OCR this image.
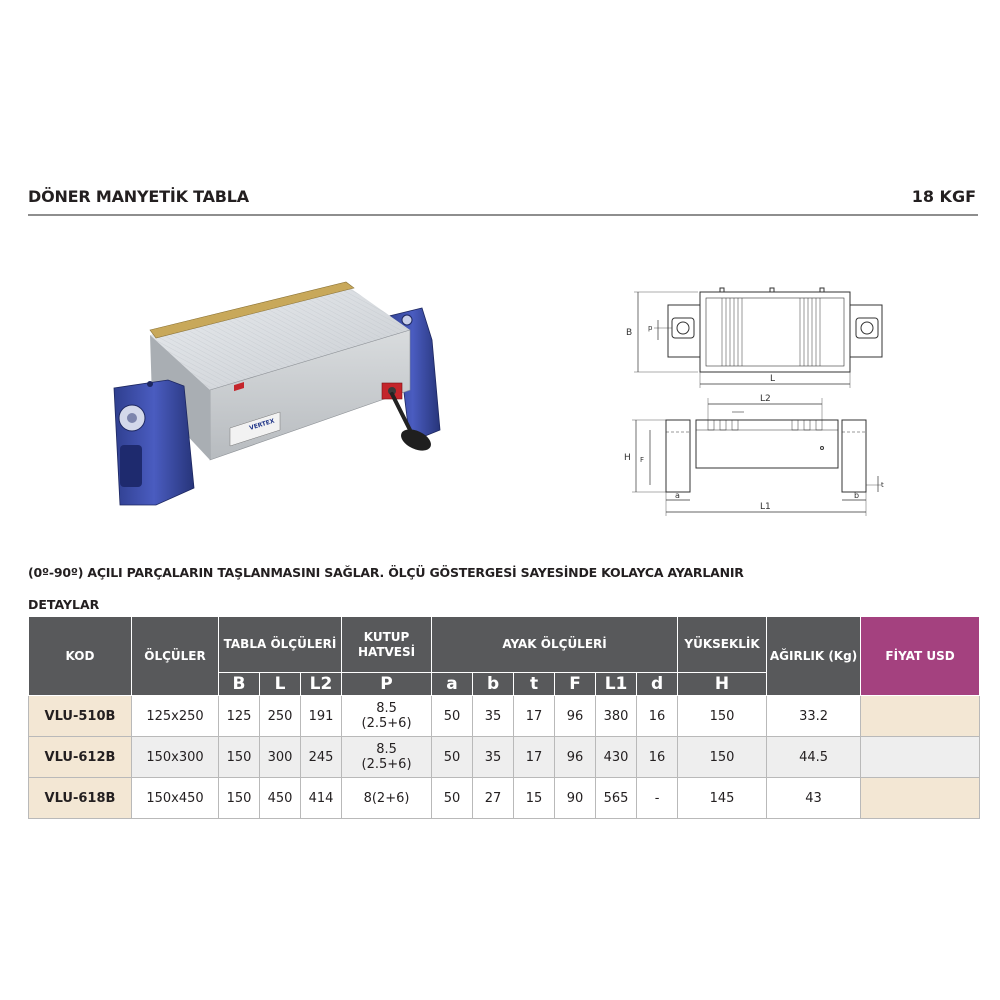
DÖNER MANYETİK TABLA	18 KGF
VERTEX
B p
L
L2
H F
a	b
t
L1
(0º-90º) AÇILI PARÇALARIN TAŞLANMASINI SAĞLAR. ÖLÇÜ GÖSTERGESİ SAYESİNDE KOLAYCA AYARLANIR
DETAYLAR
KOD	ÖLÇÜLER	TABLA ÖLÇÜLERİ			KUTUP HATVESİ	AYAK ÖLÇÜLERİ						YÜKSEKLİK	AĞIRLIK (Kg)	FİYAT USD
		B	L	L2	P	a	b	t	F	L1	d	H		
VLU-510B	125x250	125	250	191	8.5
(2.5+6)	50	35	17	96	380	16	150	33.2	
VLU-612B	150x300	150	300	245	8.5
(2.5+6)	50	35	17	96	430	16	150	44.5	
VLU-618B	150x450	150	450	414	8(2+6)	50	27	15	90	565	-	145	43	
